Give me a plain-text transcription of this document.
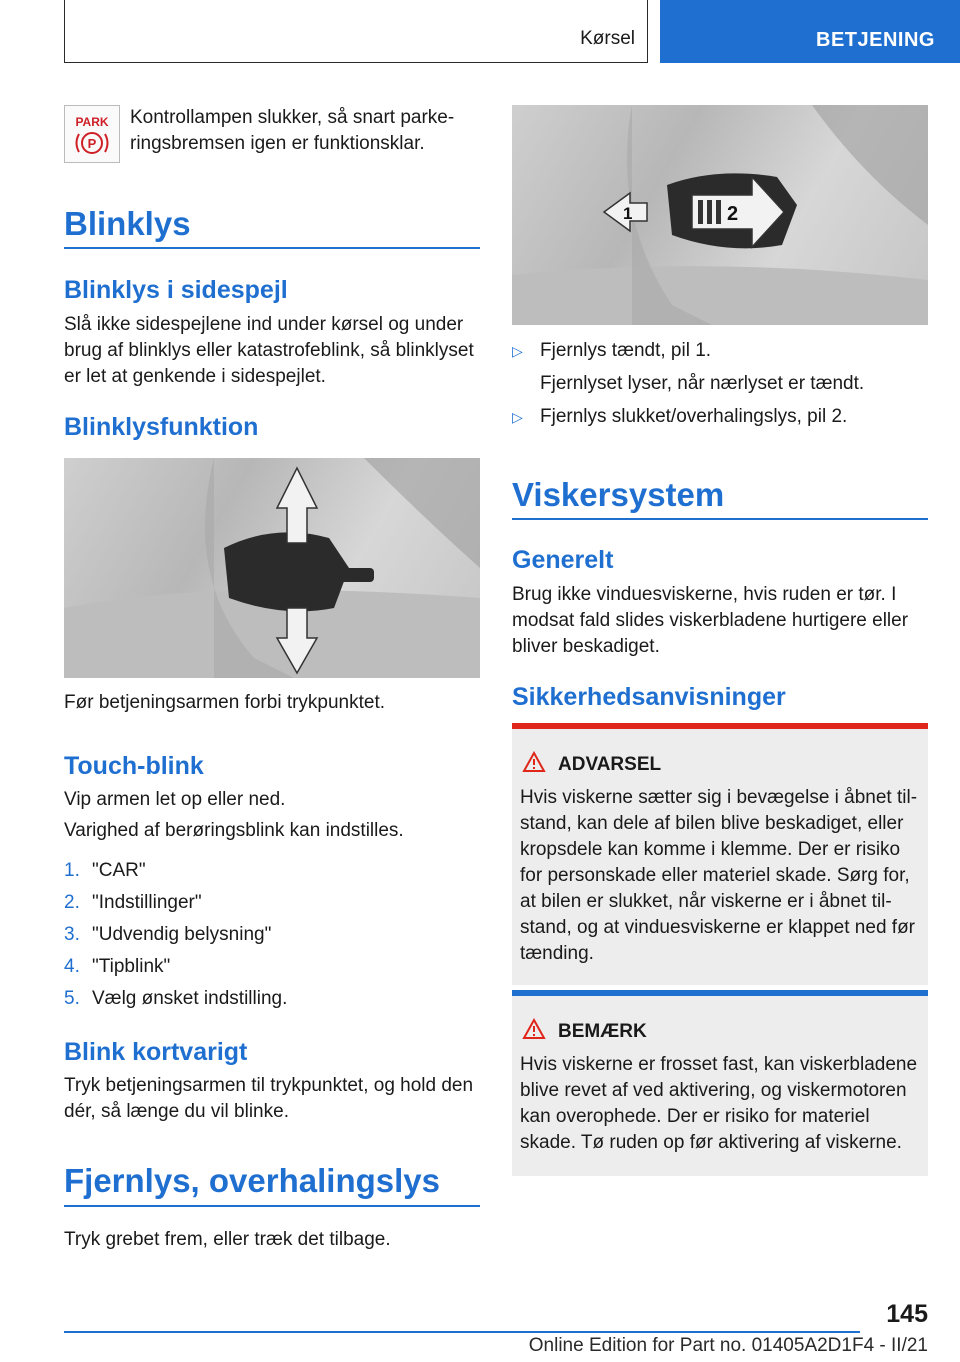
Kørsel	BETJENING
PARK
P
Kontrollampen slukker, så snart parkeringsbremsen igen er funktionsklar.
Blinklys
Blinklys i sidespejl
Slå ikke sidespejlene ind under kørsel og under brug af blinklys eller katastrofeblink, så blinklyset er let at genkende i sidespejlet.
Blinklysfunktion
Før betjeningsarmen forbi trykpunktet.
Touch-blink
Vip armen let op eller ned.
Varighed af berøringsblink kan indstilles.
1. "CAR"
2. "Indstillinger"
3. "Udvendig belysning"
4. "Tipblink"
5. Vælg ønsket indstilling.
Blink kortvarigt
Tryk betjeningsarmen til trykpunktet, og hold den dér, så længe du vil blinke.
Fjernlys, overhalingslys
Tryk grebet frem, eller træk det tilbage.
1	2
▷ Fjernlys tændt, pil 1.
Fjernlyset lyser, når nærlyset er tændt.
▷ Fjernlys slukket/overhalingslys, pil 2.
Viskersystem
Generelt
Brug ikke vinduesviskerne, hvis ruden er tør. I modsat fald slides viskerbladene hurtigere eller bliver beskadiget.
Sikkerhedsanvisninger
ADVARSEL
Hvis viskerne sætter sig i bevægelse i åbnet tilstand, kan dele af bilen blive beskadiget, eller kropsdele kan komme i klemme. Der er risiko for personskade eller materiel skade. Sørg for, at bilen er slukket, når viskerne er i åbnet tilstand, og at vinduesviskerne er klappet ned før tænding.
BEMÆRK
Hvis viskerne er frosset fast, kan viskerbladene blive revet af ved aktivering, og viskermotoren kan overophede. Der er risiko for materiel skade. Tø ruden op før aktivering af viskerne.
145
Online Edition for Part no. 01405A2D1F4 - II/21
